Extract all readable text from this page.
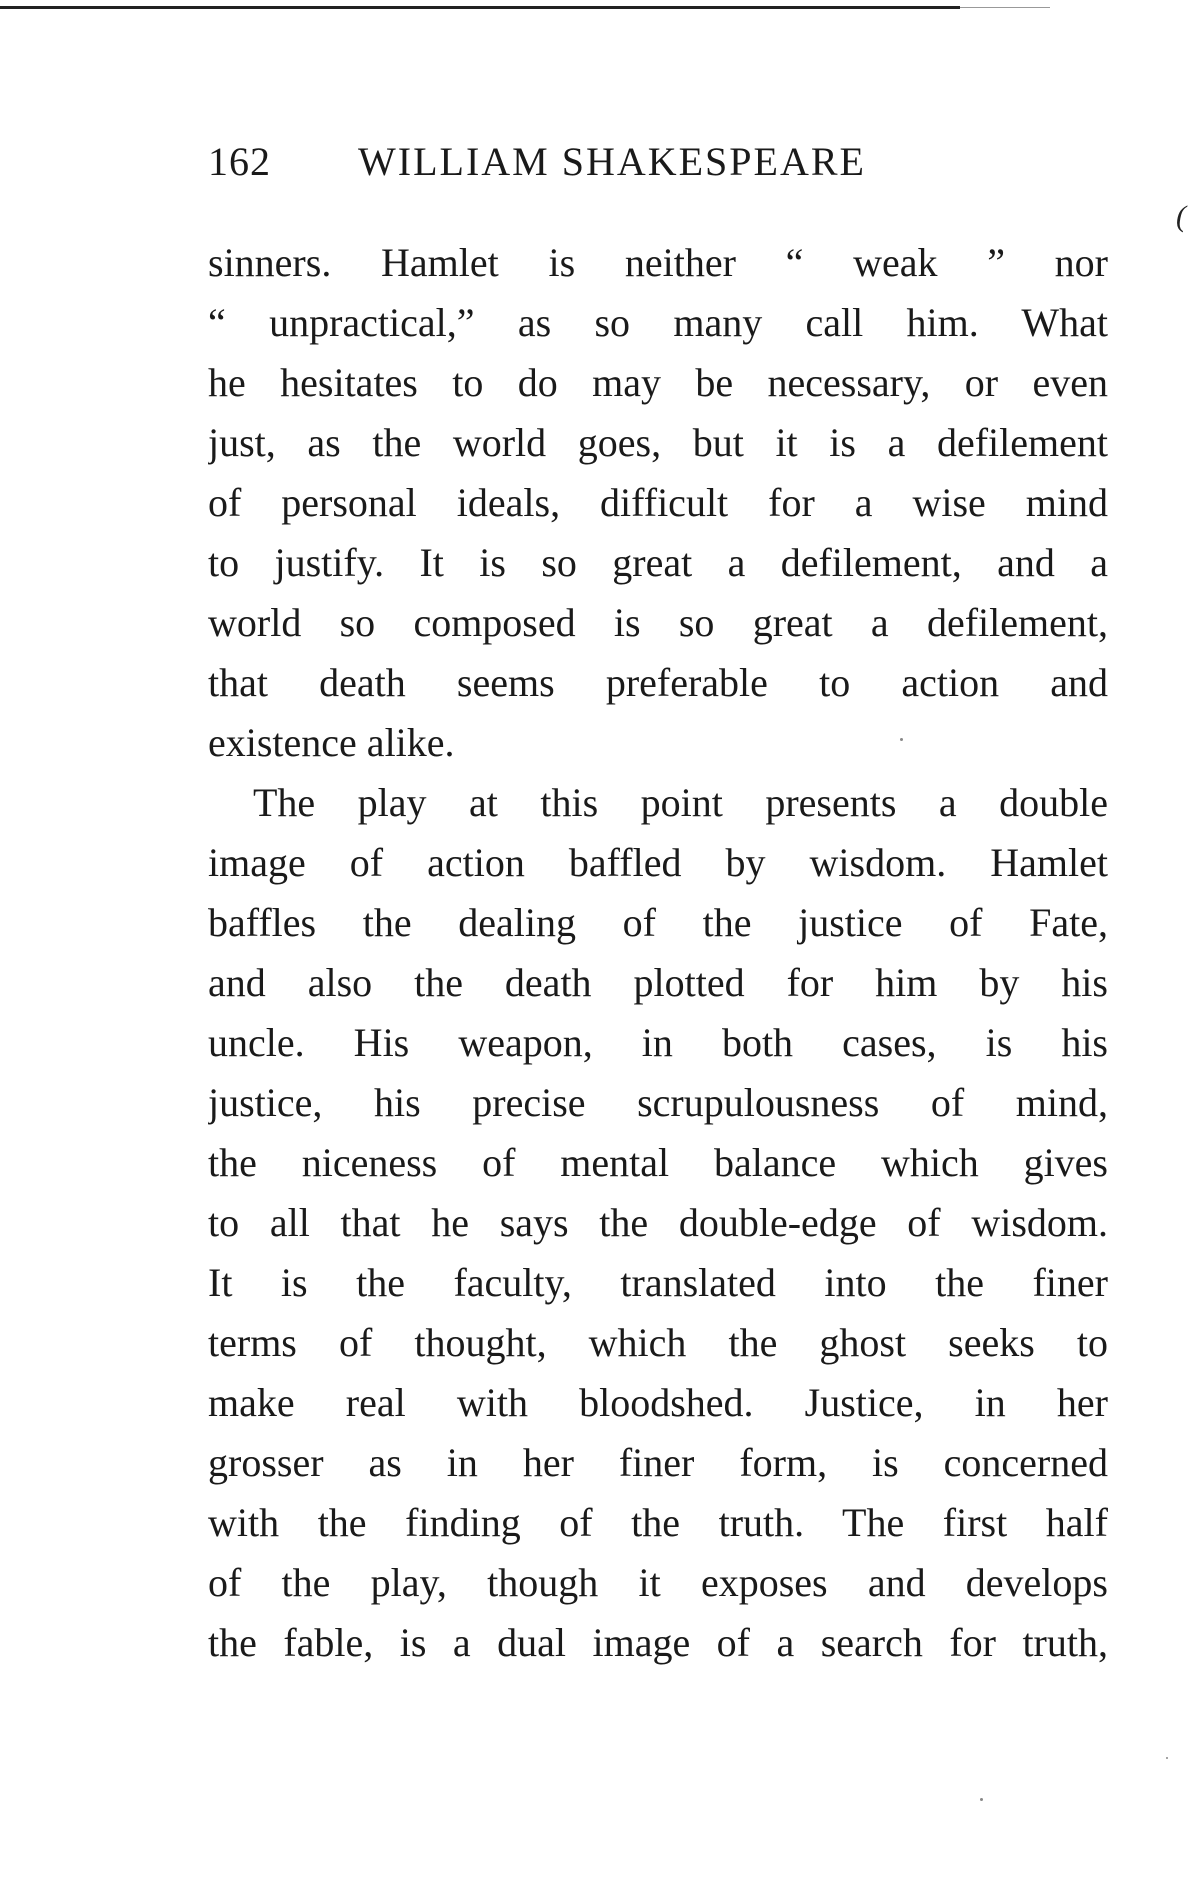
(
162 WILLIAM SHAKESPEARE
sinners. Hamlet is neither “ weak ” nor
“ unpractical,” as so many call him. What
he hesitates to do may be necessary, or even
just, as the world goes, but it is a defilement
of personal ideals, difficult for a wise mind
to justify. It is so great a defilement, and a
world so composed is so great a defilement,
that death seems preferable to action and
existence alike.
The play at this point presents a double
image of action baffled by wisdom. Hamlet
baffles the dealing of the justice of Fate,
and also the death plotted for him by his
uncle. His weapon, in both cases, is his
justice, his precise scrupulousness of mind,
the niceness of mental balance which gives
to all that he says the double-edge of wisdom.
It is the faculty, translated into the finer
terms of thought, which the ghost seeks to
make real with bloodshed. Justice, in her
grosser as in her finer form, is concerned
with the finding of the truth. The first half
of the play, though it exposes and develops
the fable, is a dual image of a search for truth,
